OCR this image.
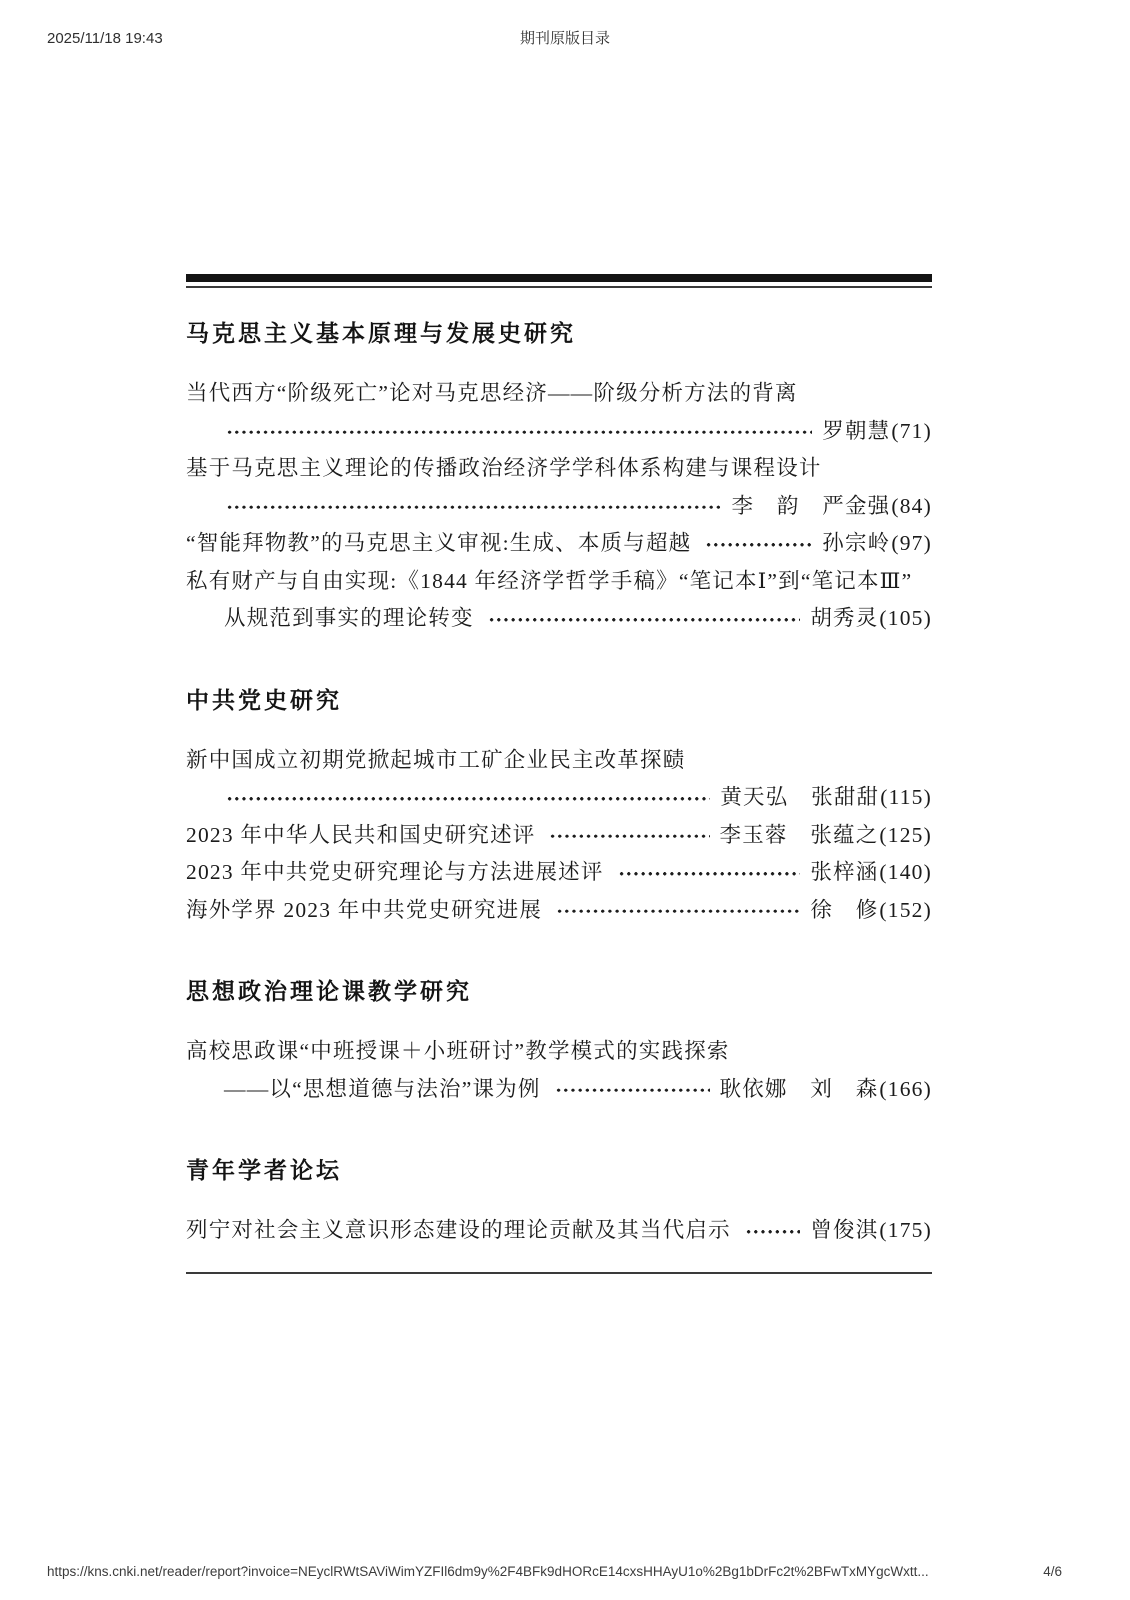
2025/11/18 19:43	期刊原版目录
马克思主义基本原理与发展史研究
当代西方“阶级死亡”论对马克思经济——阶级分析方法的背离
罗朝慧 (71)
基于马克思主义理论的传播政治经济学学科体系构建与课程设计
李　韵　严金强 (84)
“智能拜物教”的马克思主义审视:生成、本质与超越	孙宗岭 (97)
私有财产与自由实现:《1844 年经济学哲学手稿》“笔记本Ⅰ”到“笔记本Ⅲ”
从规范到事实的理论转变	胡秀灵 (105)
中共党史研究
新中国成立初期党掀起城市工矿企业民主改革探赜
黄天弘　张甜甜 (115)
2023 年中华人民共和国史研究述评	李玉蓉　张蕴之 (125)
2023 年中共党史研究理论与方法进展述评	张梓涵 (140)
海外学界 2023 年中共党史研究进展	徐　修 (152)
思想政治理论课教学研究
高校思政课“中班授课＋小班研讨”教学模式的实践探索
——以“思想道德与法治”课为例	耿依娜　刘　森 (166)
青年学者论坛
列宁对社会主义意识形态建设的理论贡献及其当代启示	曾俊淇 (175)
https://kns.cnki.net/reader/report?invoice=NEyclRWtSAViWimYZFIl6dm9y%2F4BFk9dHORcE14cxsHHAyU1o%2Bg1bDrFc2t%2BFwTxMYgcWxtt...	4/6
